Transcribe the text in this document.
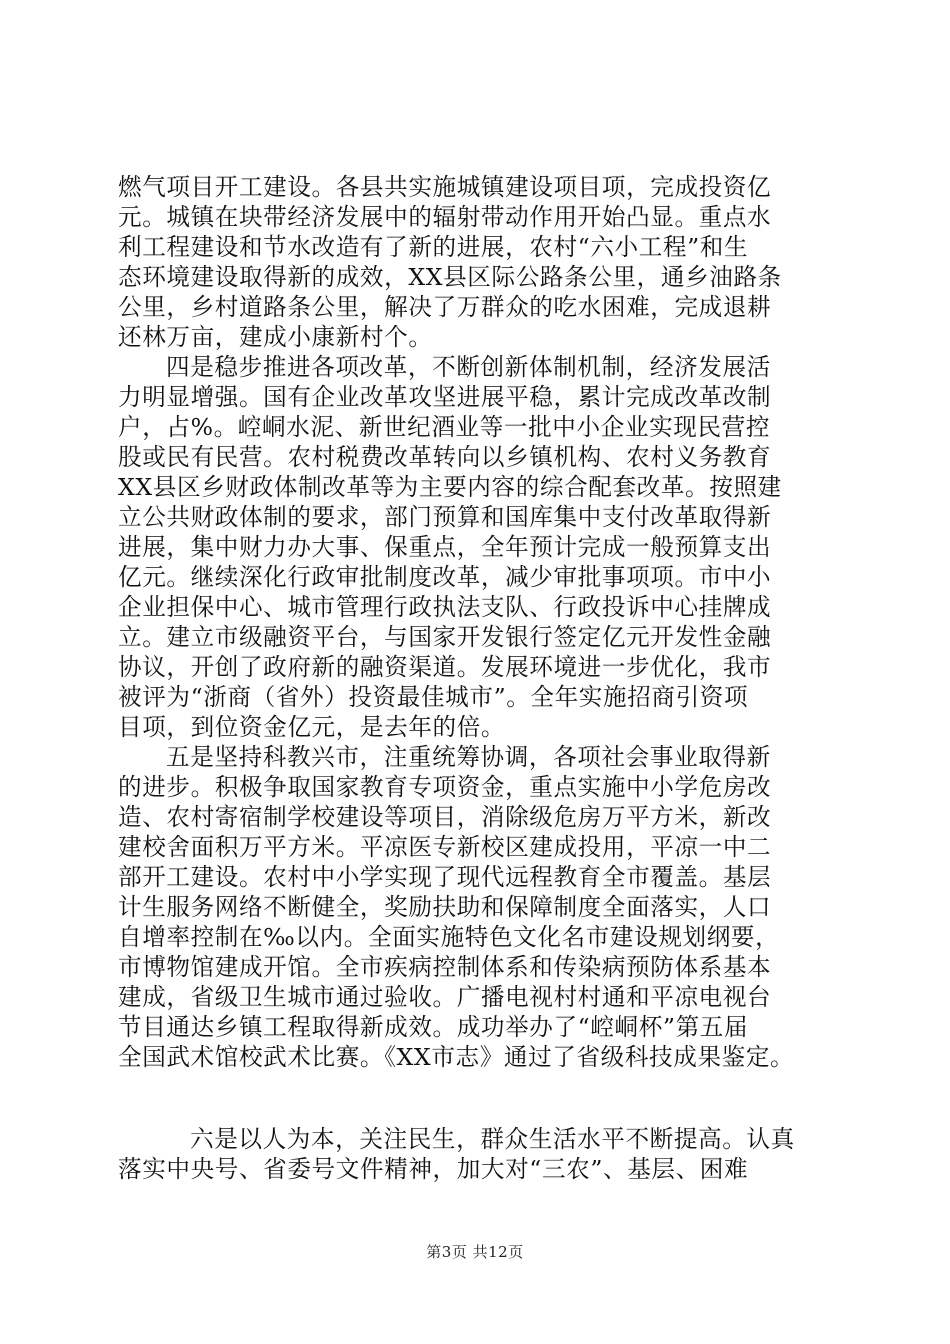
燃气项目开工建设。各县共实施城镇建设项目项，完成投资亿
元。城镇在块带经济发展中的辐射带动作用开始凸显。重点水
利工程建设和节水改造有了新的进展，农村“六小工程”和生
态环境建设取得新的成效，XX县区际公路条公里，通乡油路条
公里，乡村道路条公里，解决了万群众的吃水困难，完成退耕
还林万亩，建成小康新村个。
四是稳步推进各项改革，不断创新体制机制，经济发展活
力明显增强。国有企业改革攻坚进展平稳，累计完成改革改制
户，占%。崆峒水泥、新世纪酒业等一批中小企业实现民营控
股或民有民营。农村税费改革转向以乡镇机构、农村义务教育
XX县区乡财政体制改革等为主要内容的综合配套改革。按照建
立公共财政体制的要求，部门预算和国库集中支付改革取得新
进展，集中财力办大事、保重点，全年预计完成一般预算支出
亿元。继续深化行政审批制度改革，减少审批事项项。市中小
企业担保中心、城市管理行政执法支队、行政投诉中心挂牌成
立。建立市级融资平台，与国家开发银行签定亿元开发性金融
协议，开创了政府新的融资渠道。发展环境进一步优化，我市
被评为“浙商（省外）投资最佳城市”。全年实施招商引资项
目项，到位资金亿元，是去年的倍。
五是坚持科教兴市，注重统筹协调，各项社会事业取得新
的进步。积极争取国家教育专项资金，重点实施中小学危房改
造、农村寄宿制学校建设等项目，消除级危房万平方米，新改
建校舍面积万平方米。平凉医专新校区建成投用，平凉一中二
部开工建设。农村中小学实现了现代远程教育全市覆盖。基层
计生服务网络不断健全，奖励扶助和保障制度全面落实，人口
自增率控制在‰以内。全面实施特色文化名市建设规划纲要，
市博物馆建成开馆。全市疾病控制体系和传染病预防体系基本
建成，省级卫生城市通过验收。广播电视村村通和平凉电视台
节目通达乡镇工程取得新成效。成功举办了“崆峒杯”第五届
全国武术馆校武术比赛。《XX市志》通过了省级科技成果鉴定。
六是以人为本，关注民生，群众生活水平不断提高。认真
落实中央号、省委号文件精神，加大对“三农”、基层、困难
第3页 共12页
